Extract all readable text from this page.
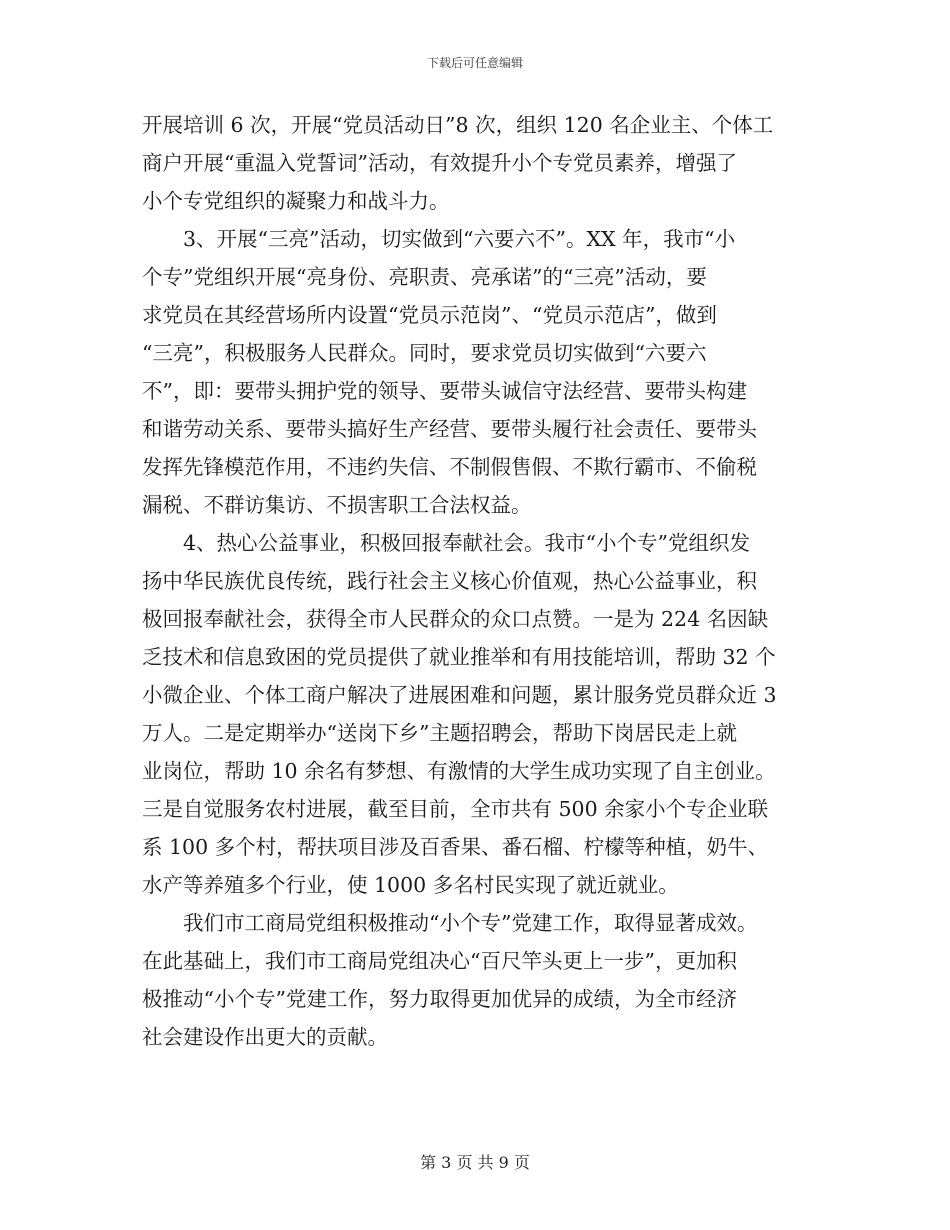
下载后可任意编辑
开展培训 6 次，开展“党员活动日”8 次，组织 120 名企业主、个体工
商户开展“重温入党誓词”活动，有效提升小个专党员素养，增强了
小个专党组织的凝聚力和战斗力。
　　3、开展“三亮”活动，切实做到“六要六不”。XX 年，我市“小
个专”党组织开展“亮身份、亮职责、亮承诺”的“三亮”活动，要
求党员在其经营场所内设置“党员示范岗”、“党员示范店”，做到
“三亮”，积极服务人民群众。同时，要求党员切实做到“六要六
不”，即：要带头拥护党的领导、要带头诚信守法经营、要带头构建
和谐劳动关系、要带头搞好生产经营、要带头履行社会责任、要带头
发挥先锋模范作用，不违约失信、不制假售假、不欺行霸市、不偷税
漏税、不群访集访、不损害职工合法权益。
　　4、热心公益事业，积极回报奉献社会。我市“小个专”党组织发
扬中华民族优良传统，践行社会主义核心价值观，热心公益事业，积
极回报奉献社会，获得全市人民群众的众口点赞。一是为 224 名因缺
乏技术和信息致困的党员提供了就业推举和有用技能培训，帮助 32 个
小微企业、个体工商户解决了进展困难和问题，累计服务党员群众近 3
万人。二是定期举办“送岗下乡”主题招聘会，帮助下岗居民走上就
业岗位，帮助 10 余名有梦想、有激情的大学生成功实现了自主创业。
三是自觉服务农村进展，截至目前，全市共有 500 余家小个专企业联
系 100 多个村，帮扶项目涉及百香果、番石榴、柠檬等种植，奶牛、
水产等养殖多个行业，使 1000 多名村民实现了就近就业。
　　我们市工商局党组积极推动“小个专”党建工作，取得显著成效。
在此基础上，我们市工商局党组决心“百尺竿头更上一步”，更加积
极推动“小个专”党建工作，努力取得更加优异的成绩，为全市经济
社会建设作出更大的贡献。
第 3 页 共 9 页
